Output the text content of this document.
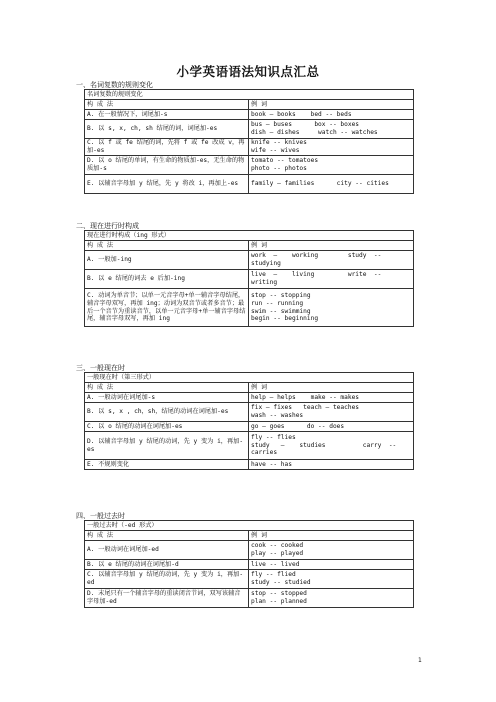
小学英语语法知识点汇总
一、名词复数的规则变化
名词复数的规则变化	
构 成 法	例 词
A. 在一般情况下，词尾加-s	book – books    bed -- beds

B. 以 s, x, ch, sh 结尾的词，词尾加-es	bus – buses      box -- boxes
dish – dishes     watch -- watches

C. 以 f 或 fe 结尾的词，先将 f 或 fe 改成 v，再加-es	knife -- knives
wife -- wives

D. 以 o 结尾的单词，有生命的物质加-es，无生命的物质加-s	tomato -- tomatoes
photo -- photos

E. 以辅音字母加 y 结尾，先 y 将改 i，再加上-es	family – families      city -- cities
二、现在进行时构成
现在进行时构成（ing 形式）	
构 成 法	例 词
A. 一般加-ing	work  –    working        study  --
studying

B. 以 e 结尾的词去 e 后加-ing	live  –    living         write  --
writing

C. 动词为单音节；以单一元音字母+单一辅音字母结尾，辅音字母双写，再加 ing；动词为双音节或者多音节；最后一个音节为重读音节，以单一元音字母+单一辅音字母结尾，辅音字母双写，再加 ing	stop -- stopping
run -- running
swim -- swimming
begin -- beginning
三、一般现在时
一般现在时（第三形式）	
构 成 法	例 词
A. 一般动词在词尾加-s	help – helps    make -- makes

B. 以 s, x , ch，sh，结尾的动词在词尾加-es	fix – fixes   teach – teaches
wash -- washes

C. 以 o 结尾的动词在词尾加-es	go – goes      do -- does

D. 以辅音字母加 y 结尾的动词，先 y 变为 i，再加-es	fly -- flies
study   –    studies          carry  --
carries

E. 不规则变化	have -- has
四、一般过去时
一般过去时（-ed 形式）	
构 成 法	例 词
A. 一般动词在词尾加-ed	cook -- cooked
play -- played

B. 以 e 结尾的动词在词尾加-d	live -- lived

C. 以辅音字母加 y 结尾的动词，先 y 变为 i，再加-ed	fly -- flied
study -- studied

D. 末尾只有一个辅音字母的重读闭音节词，双写该辅音字母加-ed	stop -- stopped
plan -- planned
1
